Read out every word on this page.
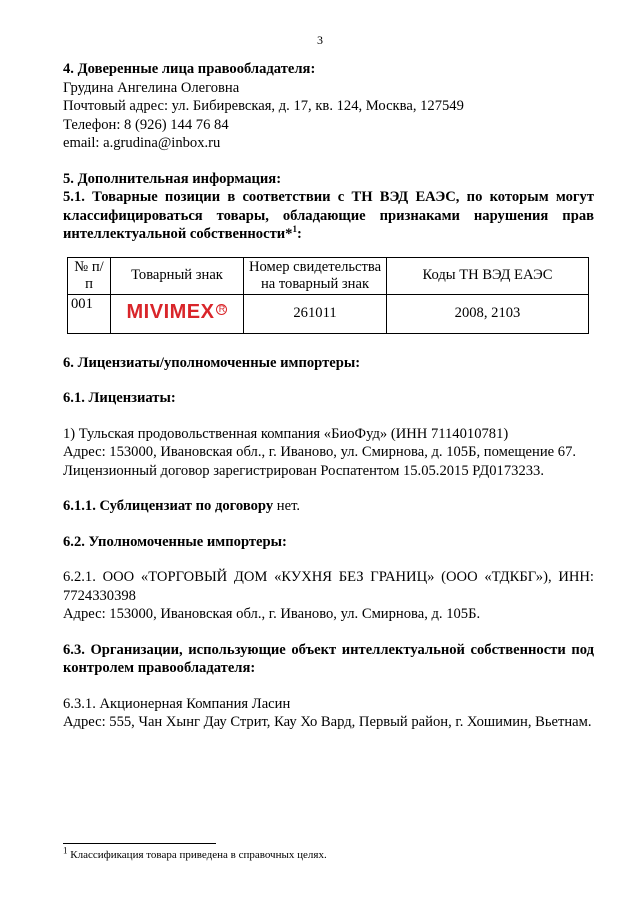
3
4. Доверенные лица правообладателя:
Грудина Ангелина Олеговна
Почтовый адрес: ул. Бибиревская, д. 17, кв. 124, Москва, 127549
Телефон: 8 (926) 144 76 84
email: a.grudina@inbox.ru
5. Дополнительная информация:
5.1. Товарные позиции в соответствии с ТН ВЭД ЕАЭС, по которым могут классифицироваться товары, обладающие признаками нарушения прав интеллектуальной собственности*$^1$:
№ п/п	Товарный знак	Номер свидетельства на товарный знак	Коды ТН ВЭД ЕАЭС
001	MIVIMEX R	261011	2008, 2103
6. Лицензиаты/уполномоченные импортеры:
6.1. Лицензиаты:
1) Тульская продовольственная компания «БиоФуд» (ИНН 7114010781)
Адрес: 153000, Ивановская обл., г. Иваново, ул. Смирнова, д. 105Б, помещение 67.
Лицензионный договор зарегистрирован Роспатентом 15.05.2015 РД0173233.
6.1.1. Сублицензиат по договору нет.
6.2. Уполномоченные импортеры:
6.2.1. ООО «ТОРГОВЫЙ ДОМ «КУХНЯ БЕЗ ГРАНИЦ» (ООО «ТДКБГ»), ИНН: 7724330398
Адрес: 153000, Ивановская обл., г. Иваново, ул. Смирнова, д. 105Б.
6.3. Организации, использующие объект интеллектуальной собственности под контролем правообладателя:
6.3.1. Акционерная Компания Ласин
Адрес: 555, Чан Хынг Дау Стрит, Кау Хо Вард, Первый район, г. Хошимин, Вьетнам.
$^1$ Классификация товара приведена в справочных целях.
